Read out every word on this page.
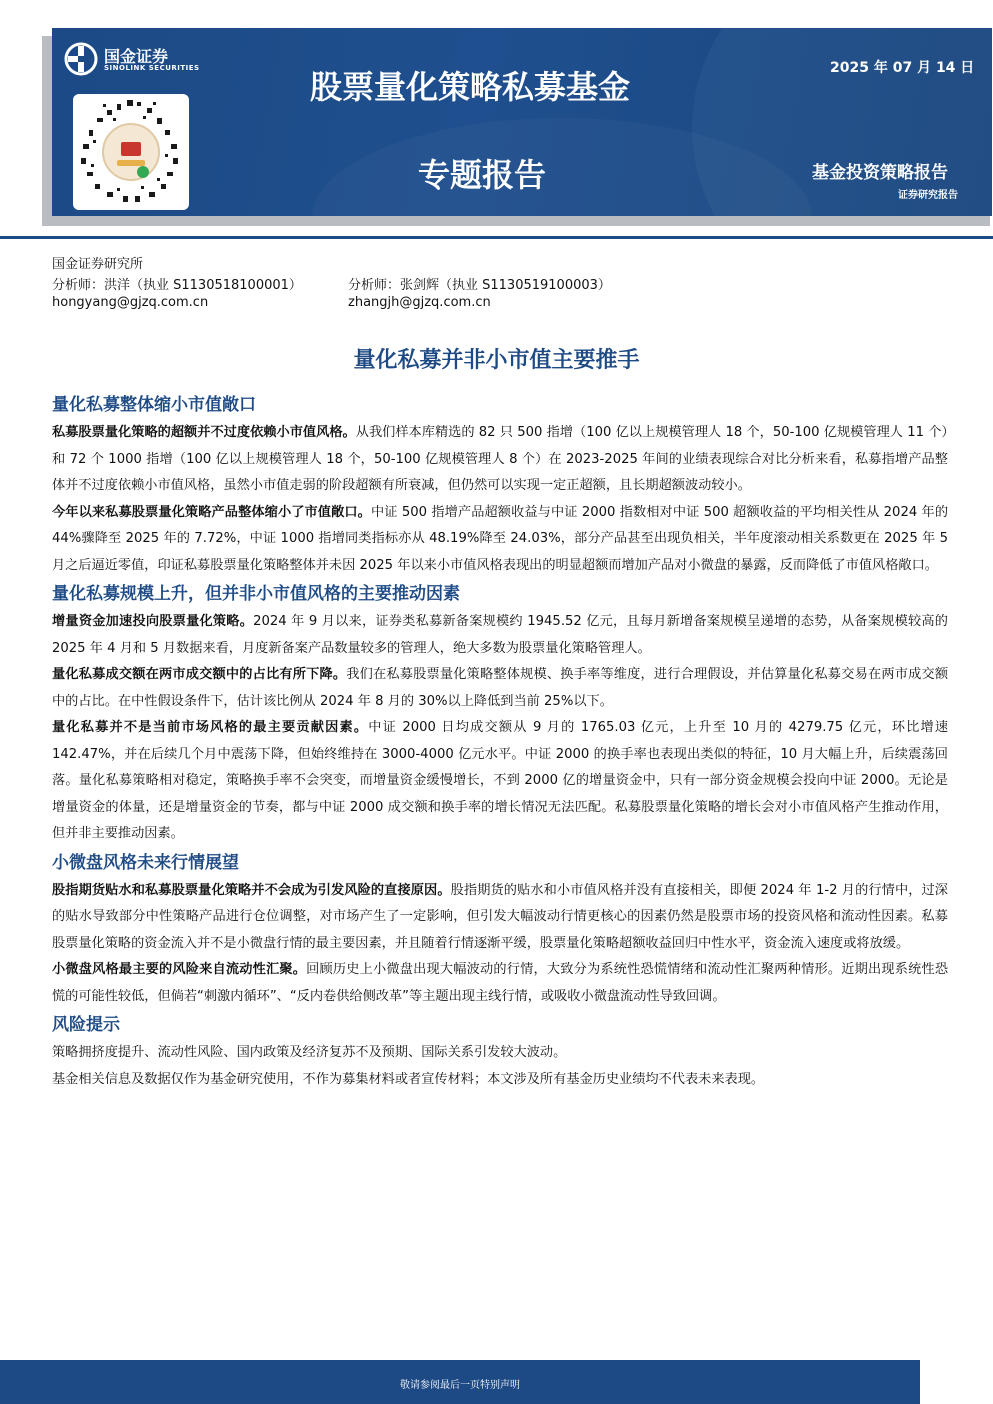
国金证券
SINOLINK SECURITIES	股票量化策略私募基金
专题报告
2025 年 07 月 14 日
基金投资策略报告
证券研究报告
国金证券研究所
分析师：洪洋（执业 S1130518100001）	分析师：张剑辉（执业 S1130519100003）
hongyang@gjzq.com.cn	zhangjh@gjzq.com.cn
量化私募并非小市值主要推手
量化私募整体缩小市值敞口

私募股票量化策略的超额并不过度依赖小市值风格。从我们样本库精选的 82 只 500 指增（100 亿以上规模管理人 18 个，50-100 亿规模管理人 11 个）和 72 个 1000 指增（100 亿以上规模管理人 18 个，50-100 亿规模管理人 8 个）在 2023-2025 年间的业绩表现综合对比分析来看，私募指增产品整体并不过度依赖小市值风格，虽然小市值走弱的阶段超额有所衰减，但仍然可以实现一定正超额，且长期超额波动较小。

今年以来私募股票量化策略产品整体缩小了市值敞口。中证 500 指增产品超额收益与中证 2000 指数相对中证 500 超额收益的平均相关性从 2024 年的 44%骤降至 2025 年的 7.72%，中证 1000 指增同类指标亦从 48.19%降至 24.03%，部分产品甚至出现负相关，半年度滚动相关系数更在 2025 年 5 月之后逼近零值，印证私募股票量化策略整体并未因 2025 年以来小市值风格表现出的明显超额而增加产品对小微盘的暴露，反而降低了市值风格敞口。

量化私募规模上升，但并非小市值风格的主要推动因素

增量资金加速投向股票量化策略。2024 年 9 月以来，证券类私募新备案规模约 1945.52 亿元，且每月新增备案规模呈递增的态势，从备案规模较高的 2025 年 4 月和 5 月数据来看，月度新备案产品数量较多的管理人，绝大多数为股票量化策略管理人。

量化私募成交额在两市成交额中的占比有所下降。我们在私募股票量化策略整体规模、换手率等维度，进行合理假设，并估算量化私募交易在两市成交额中的占比。在中性假设条件下，估计该比例从 2024 年 8 月的 30%以上降低到当前 25%以下。

量化私募并不是当前市场风格的最主要贡献因素。中证 2000 日均成交额从 9 月的 1765.03 亿元，上升至 10 月的 4279.75 亿元，环比增速 142.47%，并在后续几个月中震荡下降，但始终维持在 3000-4000 亿元水平。中证 2000 的换手率也表现出类似的特征，10 月大幅上升，后续震荡回落。量化私募策略相对稳定，策略换手率不会突变，而增量资金缓慢增长，不到 2000 亿的增量资金中，只有一部分资金规模会投向中证 2000。无论是增量资金的体量，还是增量资金的节奏，都与中证 2000 成交额和换手率的增长情况无法匹配。私募股票量化策略的增长会对小市值风格产生推动作用，但并非主要推动因素。

小微盘风格未来行情展望

股指期货贴水和私募股票量化策略并不会成为引发风险的直接原因。股指期货的贴水和小市值风格并没有直接相关，即便 2024 年 1-2 月的行情中，过深的贴水导致部分中性策略产品进行仓位调整，对市场产生了一定影响，但引发大幅波动行情更核心的因素仍然是股票市场的投资风格和流动性因素。私募股票量化策略的资金流入并不是小微盘行情的最主要因素，并且随着行情逐渐平缓，股票量化策略超额收益回归中性水平，资金流入速度或将放缓。

小微盘风格最主要的风险来自流动性汇聚。回顾历史上小微盘出现大幅波动的行情，大致分为系统性恐慌情绪和流动性汇聚两种情形。近期出现系统性恐慌的可能性较低，但倘若“刺激内循环”、“反内卷供给侧改革”等主题出现主线行情，或吸收小微盘流动性导致回调。

风险提示

策略拥挤度提升、流动性风险、国内政策及经济复苏不及预期、国际关系引发较大波动。

基金相关信息及数据仅作为基金研究使用，不作为募集材料或者宣传材料；本文涉及所有基金历史业绩均不代表未来表现。

敬请参阅最后一页特别声明
